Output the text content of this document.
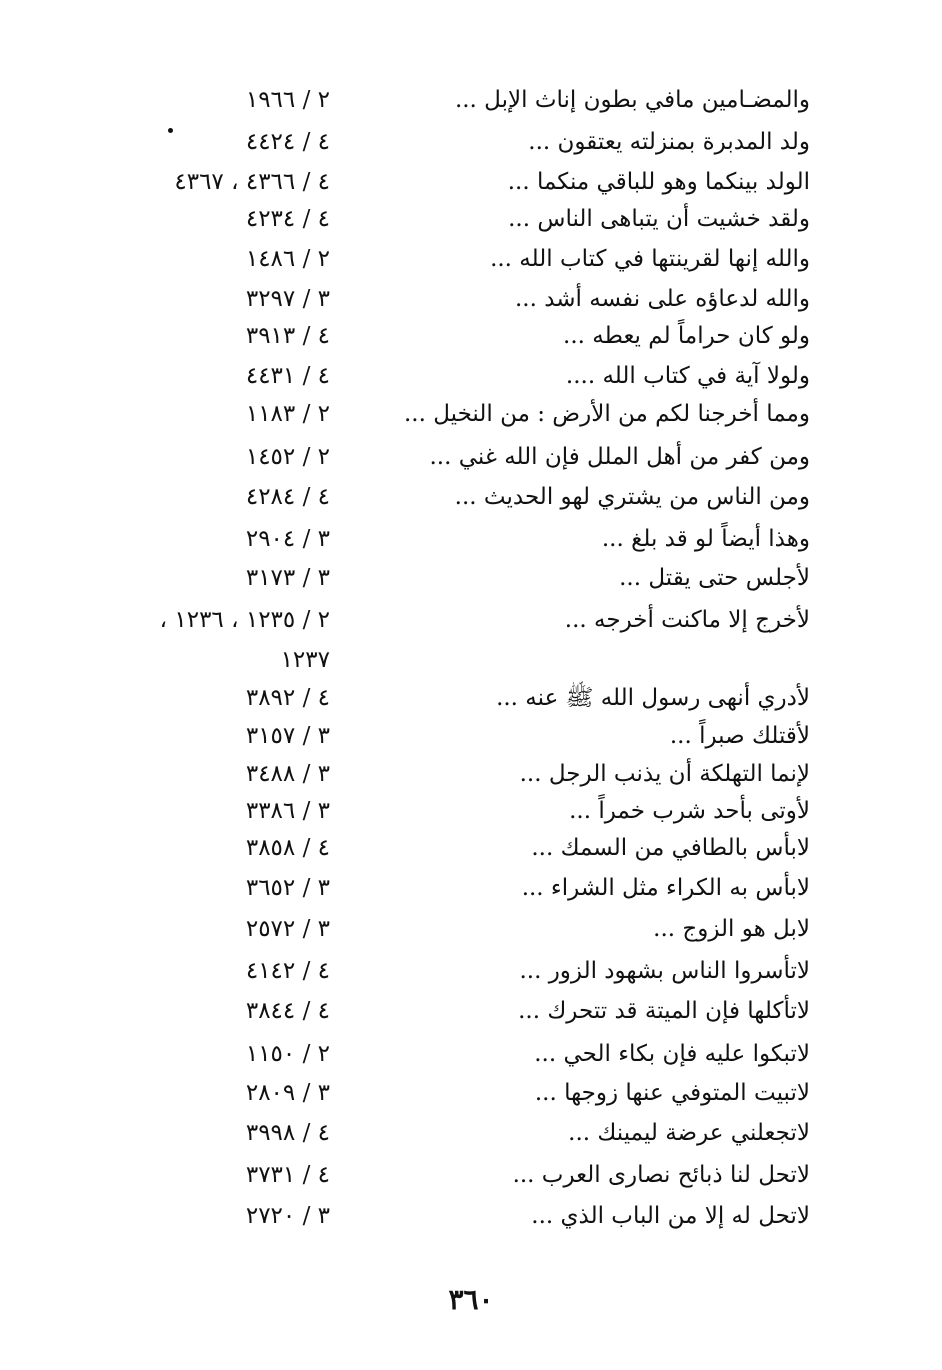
والمضـامين مافي بطون إناث الإبل ...
٢ / ١٩٦٦
ولد المدبرة بمنزلته يعتقون ...
٤ / ٤٤٢٤
الولد بينكما وهو للباقي منكما ...
٤ / ٤٣٦٦ ، ٤٣٦٧
ولقد خشيت أن يتباهى الناس ...
٤ / ٤٢٣٤
والله إنها لقرينتها في كتاب الله ...
٢ / ١٤٨٦
والله لدعاؤه على نفسه أشد ...
٣ / ٣٢٩٧
ولو كان حراماً لم يعطه ...
٤ / ٣٩١٣
ولولا آية في كتاب الله ....
٤ / ٤٤٣١
ومما أخرجنا لكم من الأرض : من النخيل ...
٢ / ١١٨٣
ومن كفر من أهل الملل فإن الله غني ...
٢ / ١٤٥٢
ومن الناس من يشتري لهو الحديث ...
٤ / ٤٢٨٤
وهذا أيضاً لو قد بلغ ...
٣ / ٢٩٠٤
لأجلس حتى يقتل ...
٣ / ٣١٧٣
لأخرج إلا ماكنت أخرجه ...
٢ / ١٢٣٥ ، ١٢٣٦ ،
١٢٣٧
لأدري أنهى رسول الله ﷺ عنه ...
٤ / ٣٨٩٢
لأقتلك صبراً ...
٣ / ٣١٥٧
لإنما التهلكة أن يذنب الرجل ...
٣ / ٣٤٨٨
لأوتى بأحد شرب خمراً ...
٣ / ٣٣٨٦
لابأس بالطافي من السمك ...
٤ / ٣٨٥٨
لابأس به الكراء مثل الشراء ...
٣ / ٣٦٥٢
لابل هو الزوج ...
٣ / ٢٥٧٢
لاتأسروا الناس بشهود الزور ...
٤ / ٤١٤٢
لاتأكلها فإن الميتة قد تتحرك ...
٤ / ٣٨٤٤
لاتبكوا عليه فإن بكاء الحي ...
٢ / ١١٥٠
لاتبيت المتوفي عنها زوجها ...
٣ / ٢٨٠٩
لاتجعلني عرضة ليمينك ...
٤ / ٣٩٩٨
لاتحل لنا ذبائح نصارى العرب ...
٤ / ٣٧٣١
لاتحل له إلا من الباب الذي ...
٣ / ٢٧٢٠
٣٦٠
